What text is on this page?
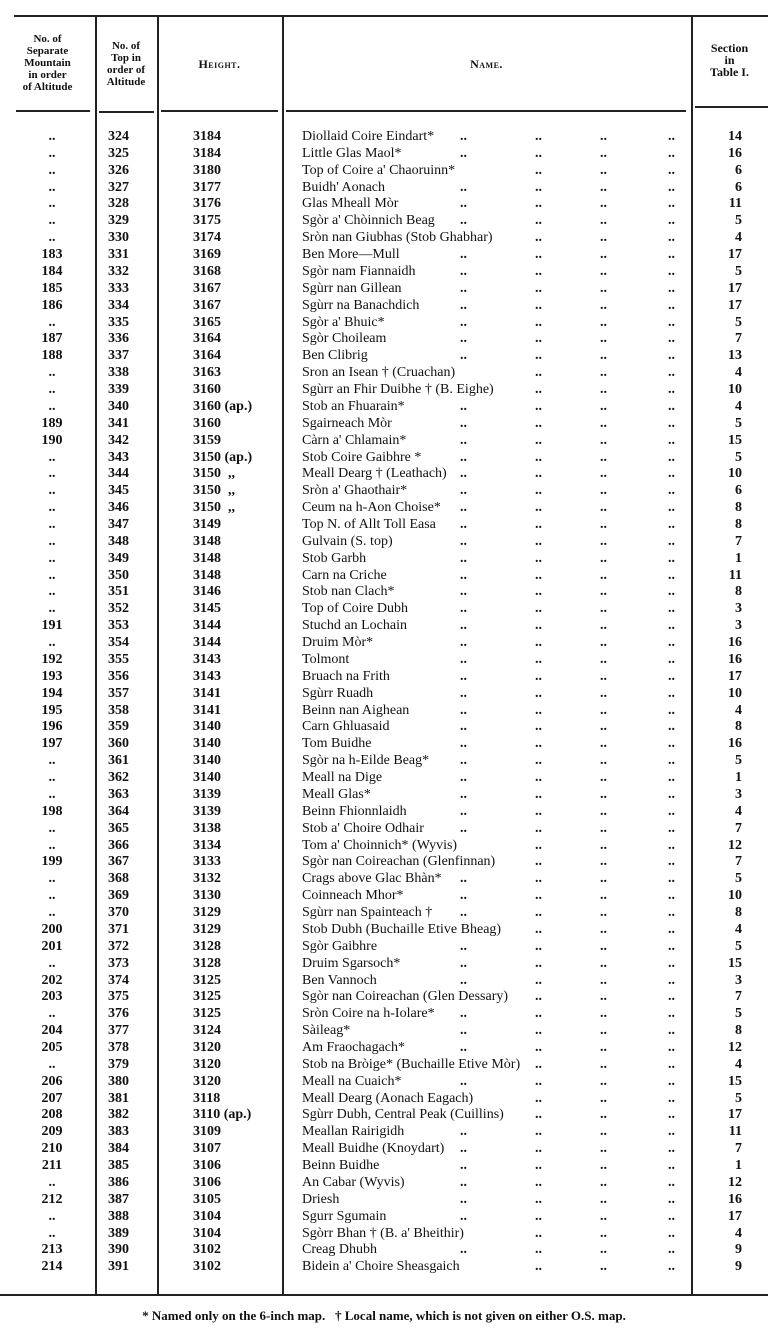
No. of
Separate
Mountain
in order
of Altitude
No. of
Top in
order of
Altitude
Height.	Name.
Section
in
Table I.
..	324	3184	Diollaid Coire Eindart*	14
..	..	..	..
..	325	3184	Little Glas Maol*	16
..	..	..	..
..	326	3180	Top of Coire a' Chaoruinn*	6
..	..	..
..	327	3177	Buidh' Aonach	6
..	..	..	..
..	328	3176	Glas Mheall Mòr	11
..	..	..	..
..	329	3175	Sgòr a' Chòinnich Beag	5
..	..	..	..
..	330	3174	Sròn nan Giubhas (Stob Ghabhar)	4
..	..	..
183	331	3169	Ben More—Mull	17
..	..	..	..
184	332	3168	Sgòr nam Fiannaidh	5
..	..	..	..
185	333	3167	Sgùrr nan Gillean	17
..	..	..	..
186	334	3167	Sgùrr na Banachdich	17
..	..	..	..
..	335	3165	Sgòr a' Bhuic*	5
..	..	..	..
187	336	3164	Sgòr Choileam	7
..	..	..	..
188	337	3164	Ben Clibrig	13
..	..	..	..
..	338	3163	Sron an Isean † (Cruachan)	4
..	..	..
..	339	3160	Sgùrr an Fhir Duibhe † (B. Eighe)	10
..	..	..
..	340	3160 (ap.)	Stob an Fhuarain*	4
..	..	..	..
189	341	3160	Sgairneach Mòr	5
..	..	..	..
190	342	3159	Càrn a' Chlamain*	15
..	..	..	..
..	343	3150 (ap.)	Stob Coire Gaibhre *	5
..	..	..	..
..	344	3150  ,,	Meall Dearg † (Leathach)	10
..	..	..	..
..	345	3150  ,,	Sròn a' Ghaothair*	6
..	..	..	..
..	346	3150  ,,	Ceum na h-Aon Choise*	8
..	..	..	..
..	347	3149	Top N. of Allt Toll Easa	8
..	..	..	..
..	348	3148	Gulvain (S. top)	7
..	..	..	..
..	349	3148	Stob Garbh	1
..	..	..	..
..	350	3148	Carn na Criche	11
..	..	..	..
..	351	3146	Stob nan Clach*	8
..	..	..	..
..	352	3145	Top of Coire Dubh	3
..	..	..	..
191	353	3144	Stuchd an Lochain	3
..	..	..	..
..	354	3144	Druim Mòr*	16
..	..	..	..
192	355	3143	Tolmont	16
..	..	..	..
193	356	3143	Bruach na Frith	17
..	..	..	..
194	357	3141	Sgùrr Ruadh	10
..	..	..	..
195	358	3141	Beinn nan Aighean	4
..	..	..	..
196	359	3140	Carn Ghluasaid	8
..	..	..	..
197	360	3140	Tom Buidhe	16
..	..	..	..
..	361	3140	Sgòr na h-Eilde Beag*	5
..	..	..	..
..	362	3140	Meall na Dige	1
..	..	..	..
..	363	3139	Meall Glas*	3
..	..	..	..
198	364	3139	Beinn Fhionnlaidh	4
..	..	..	..
..	365	3138	Stob a' Choire Odhair	7
..	..	..	..
..	366	3134	Tom a' Choinnich* (Wyvis)	12
..	..	..
199	367	3133	Sgòr nan Coireachan (Glenfinnan)	7
..	..	..
..	368	3132	Crags above Glac Bhàn*	5
..	..	..	..
..	369	3130	Coinneach Mhor*	10
..	..	..	..
..	370	3129	Sgùrr nan Spainteach †	8
..	..	..	..
200	371	3129	Stob Dubh (Buchaille Etive Bheag)	4
..	..	..
201	372	3128	Sgòr Gaibhre	5
..	..	..	..
..	373	3128	Druim Sgarsoch*	15
..	..	..	..
202	374	3125	Ben Vannoch	3
..	..	..	..
203	375	3125	Sgòr nan Coireachan (Glen Dessary)	7
..	..	..
..	376	3125	Sròn Coire na h-Iolare*	5
..	..	..	..
204	377	3124	Sàileag*	8
..	..	..	..
205	378	3120	Am Fraochagach*	12
..	..	..	..
..	379	3120	Stob na Bròige* (Buchaille Etive Mòr)	4
..	..	..
206	380	3120	Meall na Cuaich*	15
..	..	..	..
207	381	3118	Meall Dearg (Aonach Eagach)	5
..	..	..
208	382	3110 (ap.)	Sgùrr Dubh, Central Peak (Cuillins)	17
..	..	..
209	383	3109	Meallan Rairigidh	11
..	..	..	..
210	384	3107	Meall Buidhe (Knoydart)	7
..	..	..	..
211	385	3106	Beinn Buidhe	1
..	..	..	..
..	386	3106	An Cabar (Wyvis)	12
..	..	..	..
212	387	3105	Driesh	16
..	..	..	..
..	388	3104	Sgurr Sgumain	17
..	..	..	..
..	389	3104	Sgòrr Bhan † (B. a' Bheithir)	4
..	..	..
213	390	3102	Creag Dhubh	9
..	..	..	..
214	391	3102	Bidein a' Choire Sheasgaich	9
..	..	..
* Named only on the 6-inch map.   † Local name, which is not given on either O.S. map.
